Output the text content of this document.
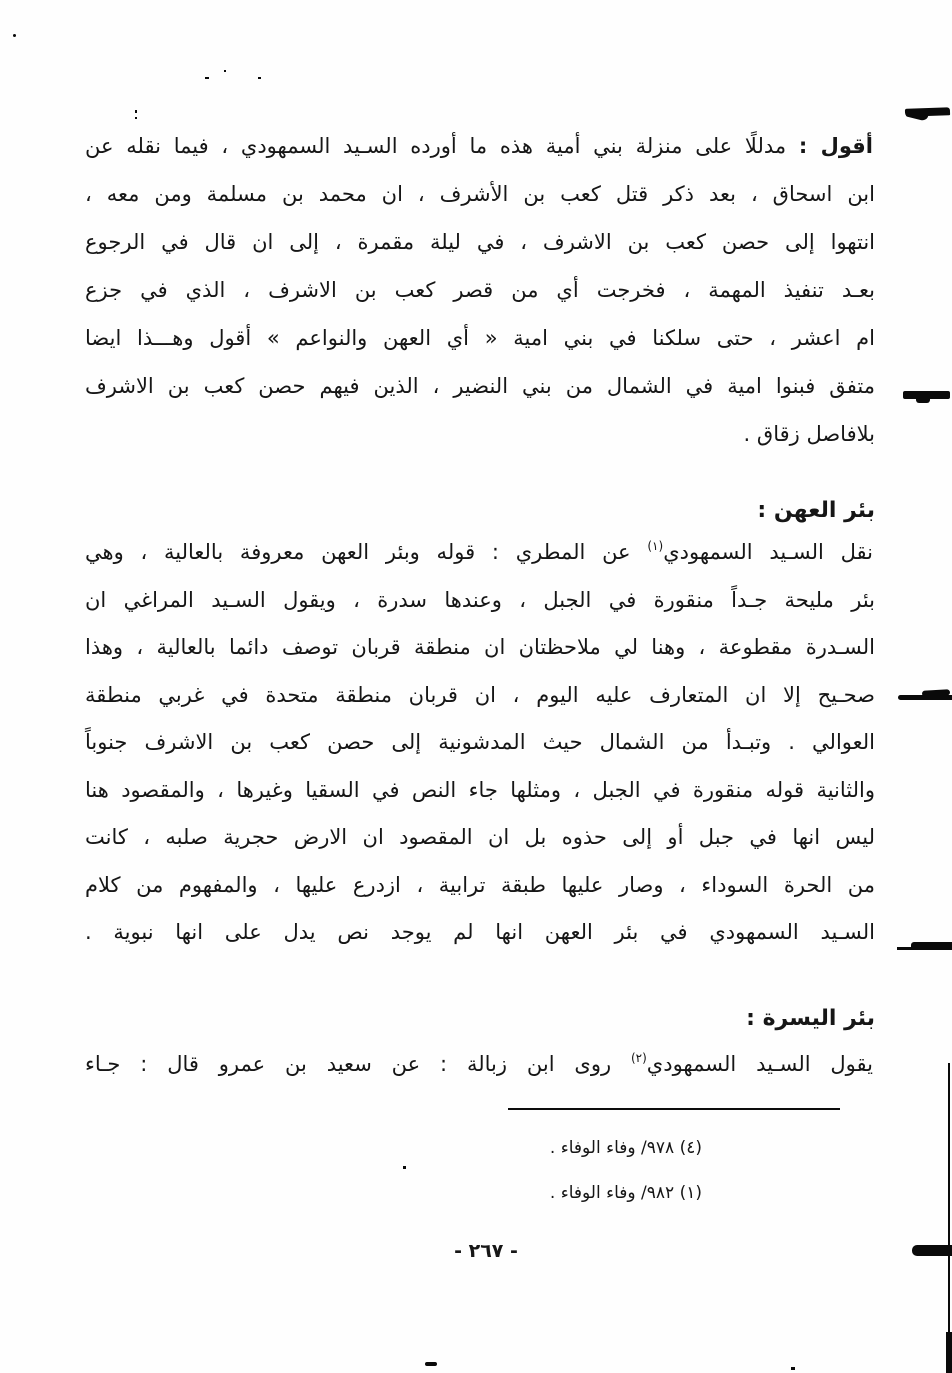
أقول : مدللًا على منزلة بني أمية هذه ما أورده السـيد السمهودي ، فيما نقله عن
ابن اسحاق ، بعد ذكر قتل كعب بن الأشرف ، ان محمد بن مسلمة ومن معه ،
انتهوا إلى حصن كعب بن الاشرف ، في ليلة مقمرة ، إلى ان قال في الرجوع
بعـد تنفيذ المهمة ، فخرجت أي من قصر كعب بن الاشرف ، الذي في جزع
ام اعشر ، حتى سلكنا في بني امية « أي العهن والنواعم » أقول وهـــذا ايضا
متفق فبنوا امية في الشمال من بني النضير ، الذين فيهم حصن كعب بن الاشرف
بلافاصل زقاق .
بئر العهن :
نقل السـيد السمهودي$^{(١)}$ عن المطري : قوله وبئر العهن معروفة بالعالية ، وهي
بئر مليحة جـداً منقورة في الجبل ، وعندها سدرة ، ويقول السـيد المراغي ان
السـدرة مقطوعة ، وهنا لي ملاحظتان ان منطقة قربان توصف دائما بالعالية ، وهذا
صحـيح إلا ان المتعارف عليه اليوم ، ان قربان منطقة متحدة في غربي منطقة
العوالي . وتبـدأ من الشمال حيث المدشونية إلى حصن كعب بن الاشرف جنوباً
والثانية قوله منقورة في الجبل ، ومثلها جاء النص في السقيا وغيرها ، والمقصود هنا
ليس انها في جبل أو إلى حذوه بل ان المقصود ان الارض حجرية صلبه ، كانت
من الحرة السوداء ، وصار عليها طبقة ترابية ، ازدرع عليها ، والمفهوم من كلام
السـيد السمهودي في بئر العهن انها لم يوجد نص يدل على انها نبوية .
بئر اليسرة :
يقول السـيد السمهودي$^{(٢)}$ روى ابن زبالة : عن سعيد بن عمرو قال : جـاء
(٤) ٩٧٨/ وفاء الوفاء .
(١) ٩٨٢/ وفاء الوفاء .
- ٢٦٧ -
